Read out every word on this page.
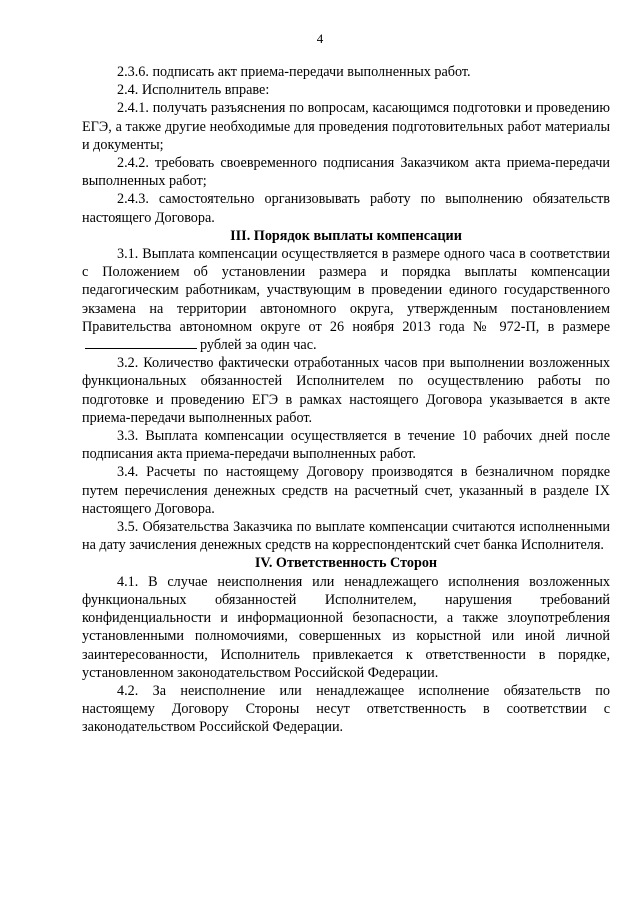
4

2.3.6. подписать акт приема-передачи выполненных работ.

2.4. Исполнитель вправе:

2.4.1. получать разъяснения по вопросам, касающимся подготовки и проведению ЕГЭ, а также другие необходимые для проведения подготовительных работ материалы и документы;

2.4.2. требовать своевременного подписания Заказчиком акта приема-передачи выполненных работ;

2.4.3. самостоятельно организовывать работу по выполнению обязательств настоящего Договора.

III. Порядок выплаты компенсации

3.1. Выплата компенсации осуществляется в размере одного часа в соответствии с Положением об установлении размера и порядка выплаты компенсации педагогическим работникам, участвующим в проведении единого государственного экзамена на территории автономного округа, утвержденным постановлением Правительства автономном округе от 26 ноября 2013 года № 972-П, в размерерублей за один час.

3.2. Количество фактически отработанных часов при выполнении возложенных функциональных обязанностей Исполнителем по осуществлению работы по подготовке и проведению ЕГЭ в рамках настоящего Договора указывается в акте приема-передачи выполненных работ.

3.3. Выплата компенсации осуществляется в течение 10 рабочих дней после подписания акта приема-передачи выполненных работ.

3.4. Расчеты по настоящему Договору производятся в безналичном порядке путем перечисления денежных средств на расчетный счет, указанный в разделе IX настоящего Договора.

3.5. Обязательства Заказчика по выплате компенсации считаются исполненными на дату зачисления денежных средств на корреспондентский счет банка Исполнителя.

IV. Ответственность Сторон

4.1. В случае неисполнения или ненадлежащего исполнения возложенных функциональных обязанностей Исполнителем, нарушения требований конфиденциальности и информационной безопасности, а также злоупотребления установленными полномочиями, совершенных из корыстной или иной личной заинтересованности, Исполнитель привлекается к ответственности в порядке, установленном законодательством Российской Федерации.

4.2. За неисполнение или ненадлежащее исполнение обязательств по настоящему Договору Стороны несут ответственность в соответствии с законодательством Российской Федерации.
